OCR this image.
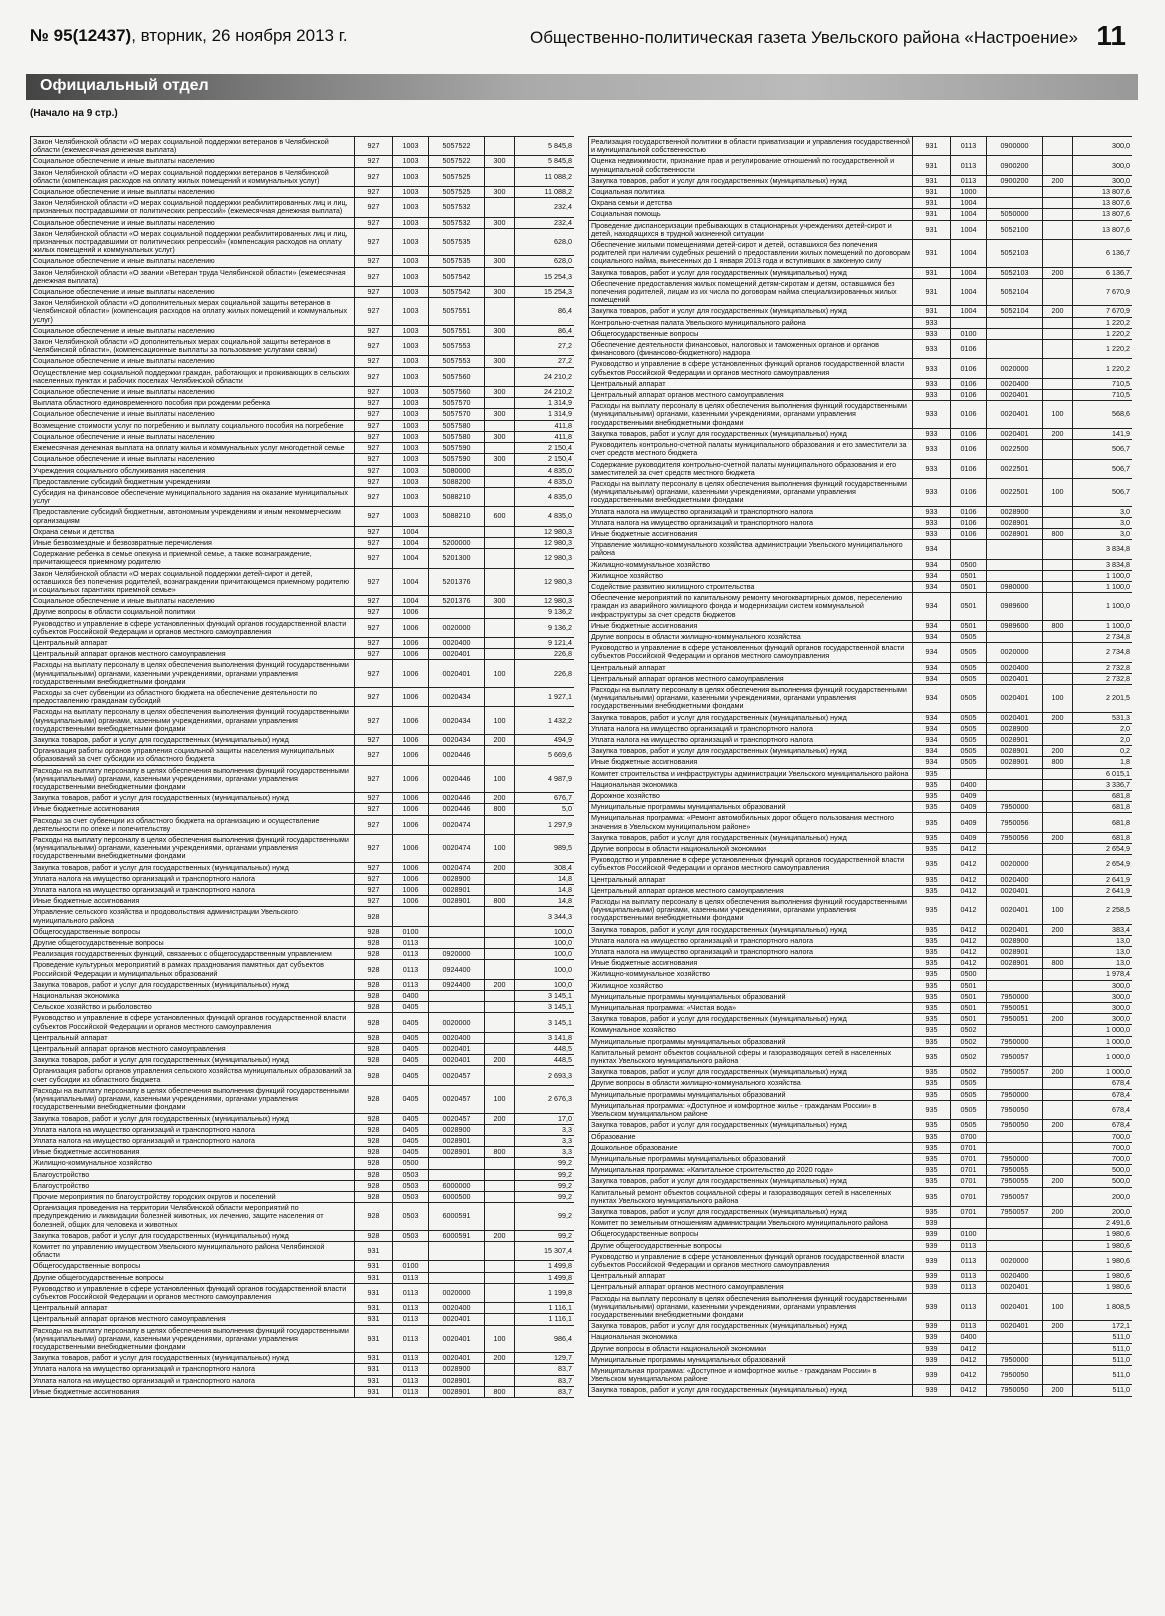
№ 95(12437), вторник, 26 ноября 2013 г.	Общественно-политическая газета Увельского района «Настроение» 11
Официальный отдел
(Начало на 9 стр.)
Закон Челябинской области «О мерах социальной поддержки ветеранов в Челябинской области (ежемесячная денежная выплата)	927	1003	5057522		5 845,8
Социальное обеспечение и иные выплаты населению	927	1003	5057522	300	5 845,8
Закон Челябинской области «О мерах социальной поддержки ветеранов в Челябинской области (компенсация расходов на оплату жилых помещений и коммунальных услуг)	927	1003	5057525		11 088,2
Социальное обеспечение и иные выплаты населению	927	1003	5057525	300	11 088,2
Закон Челябинской области «О мерах социальной поддержки реабилитированных лиц и лиц, признанных пострадавшими от политических репрессий» (ежемесячная денежная выплата)	927	1003	5057532		232,4
Социальное обеспечение и иные выплаты населению	927	1003	5057532	300	232,4
Закон Челябинской области «О мерах социальной поддержки реабилитированных лиц и лиц, признанных пострадавшими от политических репрессий» (компенсация расходов на оплату жилых помещений и коммунальных услуг)	927	1003	5057535		628,0
Социальное обеспечение и иные выплаты населению	927	1003	5057535	300	628,0
Закон Челябинской области «О звании «Ветеран труда Челябинской области» (ежемесячная денежная выплата)	927	1003	5057542		15 254,3
Социальное обеспечение и иные выплаты населению	927	1003	5057542	300	15 254,3
Закон Челябинской области «О дополнительных мерах социальной защиты ветеранов в Челябинской области» (компенсация расходов на оплату жилых помещений и коммунальных услуг)	927	1003	5057551		86,4
Социальное обеспечение и иные выплаты населению	927	1003	5057551	300	86,4
Закон Челябинской области «О дополнительных мерах социальной защиты ветеранов в Челябинской области», (компенсационные выплаты за пользование услугами связи)	927	1003	5057553		27,2
Социальное обеспечение и иные выплаты населению	927	1003	5057553	300	27,2
Осуществление мер социальной поддержки граждан, работающих и проживающих в сельских населенных пунктах и рабочих поселках Челябинской области	927	1003	5057560		24 210,2
Социальное обеспечение и иные выплаты населению	927	1003	5057560	300	24 210,2
Выплата областного единовременного пособия при рождении ребенка	927	1003	5057570		1 314,9
Социальное обеспечение и иные выплаты населению	927	1003	5057570	300	1 314,9
Возмещение стоимости услуг по погребению и выплату социального пособия на погребение	927	1003	5057580		411,8
Социальное обеспечение и иные выплаты населению	927	1003	5057580	300	411,8
Ежемесячная денежная выплата на оплату жилья и коммунальных услуг многодетной семье	927	1003	5057590		2 150,4
Социальное обеспечение и иные выплаты населению	927	1003	5057590	300	2 150,4
Учреждения социального обслуживания населения	927	1003	5080000		4 835,0
Предоставление субсидий бюджетным учреждениям	927	1003	5088200		4 835,0
Субсидия на финансовое обеспечение муниципального задания на оказание муниципальных услуг	927	1003	5088210		4 835,0
Предоставление субсидий бюджетным, автономным учреждениям и иным некоммерческим организациям	927	1003	5088210	600	4 835,0
Охрана семьи и детства	927	1004			12 980,3
Иные безвозмездные и безвозвратные перечисления	927	1004	5200000		12 980,3
Содержание ребенка в семье опекуна и приемной семье, а также вознаграждение, причитающееся приемному родителю	927	1004	5201300		12 980,3
Закон Челябинской области «О мерах социальной поддержки детей-сирот и детей, оставшихся без попечения родителей, вознаграждении причитающемся приемному родителю и социальных гарантиях приемной семье»	927	1004	5201376		12 980,3
Социальное обеспечение и иные выплаты населению	927	1004	5201376	300	12 980,3
Другие вопросы в области социальной политики	927	1006			9 136,2
Руководство и управление в сфере установленных функций органов государственной власти субъектов Российской Федерации и органов местного самоуправления	927	1006	0020000		9 136,2
Центральный аппарат	927	1006	0020400		9 121,4
Центральный аппарат органов местного самоуправления	927	1006	0020401		226,8
Расходы на выплату персоналу в целях обеспечения выполнения функций государственными (муниципальными) органами, казенными учреждениями, органами управления государственными внебюджетными фондами	927	1006	0020401	100	226,8
Расходы за счет субвенции из областного бюджета на обеспечение деятельности по предоставлению гражданам субсидий	927	1006	0020434		1 927,1
Расходы на выплату персоналу в целях обеспечения выполнения функций государственными (муниципальными) органами, казенными учреждениями, органами управления государственными внебюджетными фондами	927	1006	0020434	100	1 432,2
Закупка товаров, работ и услуг для государственных (муниципальных) нужд	927	1006	0020434	200	494,9
Организация работы органов управления социальной защиты населения муниципальных образований за счет субсидии из областного бюджета	927	1006	0020446		5 669,6
Расходы на выплату персоналу в целях обеспечения выполнения функций государственными (муниципальными) органами, казенными учреждениями, органами управления государственными внебюджетными фондами	927	1006	0020446	100	4 987,9
Закупка товаров, работ и услуг для государственных (муниципальных) нужд	927	1006	0020446	200	676,7
Иные бюджетные ассигнования	927	1006	0020446	800	5,0
Расходы за счет субвенции из областного бюджета на организацию и осуществление деятельности по опеке и попечительству	927	1006	0020474		1 297,9
Расходы на выплату персоналу в целях обеспечения выполнения функций государственными (муниципальными) органами, казенными учреждениями, органами управления государственными внебюджетными фондами	927	1006	0020474	100	989,5
Закупка товаров, работ и услуг для государственных (муниципальных) нужд	927	1006	0020474	200	308,4
Уплата налога на имущество организаций и транспортного налога	927	1006	0028900		14,8
Уплата налога на имущество организаций и транспортного налога	927	1006	0028901		14,8
Иные бюджетные ассигнования	927	1006	0028901	800	14,8
Управление сельского хозяйства и продовольствия администрации Увельского муниципального района	928				3 344,3
Общегосударственные вопросы	928	0100			100,0
Другие общегосударственные вопросы	928	0113			100,0
Реализация государственных функций, связанных с общегосударственным управлением	928	0113	0920000		100,0
Проведение культурных мероприятий в рамках празднования памятных дат субъектов Российской Федерации и муниципальных образований	928	0113	0924400		100,0
Закупка товаров, работ и услуг для государственных (муниципальных) нужд	928	0113	0924400	200	100,0
Национальная экономика	928	0400			3 145,1
Сельское хозяйство и рыболовство	928	0405			3 145,1
Руководство и управление в сфере установленных функций органов государственной власти субъектов Российской Федерации и органов местного самоуправления	928	0405	0020000		3 145,1
Центральный аппарат	928	0405	0020400		3 141,8
Центральный аппарат органов местного самоуправления	928	0405	0020401		448,5
Закупка товаров, работ и услуг для государственных (муниципальных) нужд	928	0405	0020401	200	448,5
Организация работы органов управления сельского хозяйства муниципальных образований за счет субсидии из областного бюджета	928	0405	0020457		2 693,3
Расходы на выплату персоналу в целях обеспечения выполнения функций государственными (муниципальными) органами, казенными учреждениями, органами управления государственными внебюджетными фондами	928	0405	0020457	100	2 676,3
Закупка товаров, работ и услуг для государственных (муниципальных) нужд	928	0405	0020457	200	17,0
Уплата налога на имущество организаций и транспортного налога	928	0405	0028900		3,3
Уплата налога на имущество организаций и транспортного налога	928	0405	0028901		3,3
Иные бюджетные ассигнования	928	0405	0028901	800	3,3
Жилищно-коммунальное хозяйство	928	0500			99,2
Благоустройство	928	0503			99,2
Благоустройство	928	0503	6000000		99,2
Прочие мероприятия по благоустройству городских округов и поселений	928	0503	6000500		99,2
Организация проведения на территории Челябинской области мероприятий по предупреждению и ликвидации болезней животных, их лечению, защите населения от болезней, общих для человека и животных	928	0503	6000591		99,2
Закупка товаров, работ и услуг для государственных (муниципальных) нужд	928	0503	6000591	200	99,2
Комитет по управлению имуществом Увельского муниципального района Челябинской области	931				15 307,4
Общегосударственные вопросы	931	0100			1 499,8
Другие общегосударственные вопросы	931	0113			1 499,8
Руководство и управление в сфере установленных функций органов государственной власти субъектов Российской Федерации и органов местного самоуправления	931	0113	0020000		1 199,8
Центральный аппарат	931	0113	0020400		1 116,1
Центральный аппарат органов местного самоуправления	931	0113	0020401		1 116,1
Расходы на выплату персоналу в целях обеспечения выполнения функций государственными (муниципальными) органами, казенными учреждениями, органами управления государственными внебюджетными фондами	931	0113	0020401	100	986,4
Закупка товаров, работ и услуг для государственных (муниципальных) нужд	931	0113	0020401	200	129,7
Уплата налога на имущество организаций и транспортного налога	931	0113	0028900		83,7
Уплата налога на имущество организаций и транспортного налога	931	0113	0028901		83,7
Иные бюджетные ассигнования	931	0113	0028901	800	83,7
Реализация государственной политики в области приватизации и управления государственной и муниципальной собственностью	931	0113	0900000		300,0
Оценка недвижимости, признание прав и регулирование отношений по государственной и муниципальной собственности	931	0113	0900200		300,0
Закупка товаров, работ и услуг для государственных (муниципальных) нужд	931	0113	0900200	200	300,0
Социальная политика	931	1000			13 807,6
Охрана семьи и детства	931	1004			13 807,6
Социальная помощь	931	1004	5050000		13 807,6
Проведение диспансеризации пребывающих в стационарных учреждениях детей-сирот и детей, находящихся в трудной жизненной ситуации	931	1004	5052100		13 807,6
Обеспечение жилыми помещениями детей-сирот и детей, оставшихся без попечения родителей при наличии судебных решений о предоставлении жилых помещений по договорам социального найма, вынесенных до 1 января 2013 года и вступивших в законную силу	931	1004	5052103		6 136,7
Закупка товаров, работ и услуг для государственных (муниципальных) нужд	931	1004	5052103	200	6 136,7
Обеспечение предоставления жилых помещений детям-сиротам и детям, оставшимся без попечения родителей, лицам из их числа по договорам найма специализированных жилых помещений	931	1004	5052104		7 670,9
Закупка товаров, работ и услуг для государственных (муниципальных) нужд	931	1004	5052104	200	7 670,9
Контрольно-счетная палата Увельского муниципального района	933				1 220,2
Общегосударственные вопросы	933	0100			1 220,2
Обеспечение деятельности финансовых, налоговых и таможенных органов и органов финансового (финансово-бюджетного) надзора	933	0106			1 220,2
Руководство и управление в сфере установленных функций органов государственной власти субъектов Российской Федерации и органов местного самоуправления	933	0106	0020000		1 220,2
Центральный аппарат	933	0106	0020400		710,5
Центральный аппарат органов местного самоуправления	933	0106	0020401		710,5
Расходы на выплату персоналу в целях обеспечения выполнения функций государственными (муниципальными) органами, казенными учреждениями, органами управления государственными внебюджетными фондами	933	0106	0020401	100	568,6
Закупка товаров, работ и услуг для государственных (муниципальных) нужд	933	0106	0020401	200	141,9
Руководитель контрольно-счетной палаты муниципального образования и его заместители за счет средств местного бюджета	933	0106	0022500		506,7
Содержание руководителя контрольно-счетной палаты муниципального образования и его заместителей за счет средств местного бюджета	933	0106	0022501		506,7
Расходы на выплату персоналу в целях обеспечения выполнения функций государственными (муниципальными) органами, казенными учреждениями, органами управления государственными внебюджетными фондами	933	0106	0022501	100	506,7
Уплата налога на имущество организаций и транспортного налога	933	0106	0028900		3,0
Уплата налога на имущество организаций и транспортного налога	933	0106	0028901		3,0
Иные бюджетные ассигнования	933	0106	0028901	800	3,0
Управление жилищно-коммунального хозяйства администрации Увельского муниципального района	934				3 834,8
Жилищно-коммунальное хозяйство	934	0500			3 834,8
Жилищное хозяйство	934	0501			1 100,0
Содействие развитию жилищного строительства	934	0501	0980000		1 100,0
Обеспечение мероприятий по капитальному ремонту многоквартирных домов, переселению граждан из аварийного жилищного фонда и модернизации систем коммунальной инфраструктуры за счет средств бюджетов	934	0501	0989600		1 100,0
Иные бюджетные ассигнования	934	0501	0989600	800	1 100,0
Другие вопросы в области жилищно-коммунального хозяйства	934	0505			2 734,8
Руководство и управление в сфере установленных функций органов государственной власти субъектов Российской Федерации и органов местного самоуправления	934	0505	0020000		2 734,8
Центральный аппарат	934	0505	0020400		2 732,8
Центральный аппарат органов местного самоуправления	934	0505	0020401		2 732,8
Расходы на выплату персоналу в целях обеспечения выполнения функций государственными (муниципальными) органами, казенными учреждениями, органами управления государственными внебюджетными фондами	934	0505	0020401	100	2 201,5
Закупка товаров, работ и услуг для государственных (муниципальных) нужд	934	0505	0020401	200	531,3
Уплата налога на имущество организаций и транспортного налога	934	0505	0028900		2,0
Уплата налога на имущество организаций и транспортного налога	934	0505	0028901		2,0
Закупка товаров, работ и услуг для государственных (муниципальных) нужд	934	0505	0028901	200	0,2
Иные бюджетные ассигнования	934	0505	0028901	800	1,8
Комитет строительства и инфраструктуры администрации Увельского муниципального района	935				6 015,1
Национальная экономика	935	0400			3 336,7
Дорожное хозяйство	935	0409			681,8
Муниципальные программы муниципальных образований	935	0409	7950000		681,8
Муниципальная программа: «Ремонт автомобильных дорог общего пользования местного значения в Увельском муниципальном районе»	935	0409	7950056		681,8
Закупка товаров, работ и услуг для государственных (муниципальных) нужд	935	0409	7950056	200	681,8
Другие вопросы в области национальной экономики	935	0412			2 654,9
Руководство и управление в сфере установленных функций органов государственной власти субъектов Российской Федерации и органов местного самоуправления	935	0412	0020000		2 654,9
Центральный аппарат	935	0412	0020400		2 641,9
Центральный аппарат органов местного самоуправления	935	0412	0020401		2 641,9
Расходы на выплату персоналу в целях обеспечения выполнения функций государственными (муниципальными) органами, казенными учреждениями, органами управления государственными внебюджетными фондами	935	0412	0020401	100	2 258,5
Закупка товаров, работ и услуг для государственных (муниципальных) нужд	935	0412	0020401	200	383,4
Уплата налога на имущество организаций и транспортного налога	935	0412	0028900		13,0
Уплата налога на имущество организаций и транспортного налога	935	0412	0028901		13,0
Иные бюджетные ассигнования	935	0412	0028901	800	13,0
Жилищно-коммунальное хозяйство	935	0500			1 978,4
Жилищное хозяйство	935	0501			300,0
Муниципальные программы муниципальных образований	935	0501	7950000		300,0
Муниципальная программа: «Чистая вода»	935	0501	7950051		300,0
Закупка товаров, работ и услуг для государственных (муниципальных) нужд	935	0501	7950051	200	300,0
Коммунальное хозяйство	935	0502			1 000,0
Муниципальные программы муниципальных образований	935	0502	7950000		1 000,0
Капитальный ремонт объектов социальной сферы и газоразводящих сетей в населенных пунктах Увельского муниципального района	935	0502	7950057		1 000,0
Закупка товаров, работ и услуг для государственных (муниципальных) нужд	935	0502	7950057	200	1 000,0
Другие вопросы в области жилищно-коммунального хозяйства	935	0505			678,4
Муниципальные программы муниципальных образований	935	0505	7950000		678,4
Муниципальная программа: «Доступное и комфортное жилье - гражданам России» в Увельском муниципальном районе	935	0505	7950050		678,4
Закупка товаров, работ и услуг для государственных (муниципальных) нужд	935	0505	7950050	200	678,4
Образование	935	0700			700,0
Дошкольное образование	935	0701			700,0
Муниципальные программы муниципальных образований	935	0701	7950000		700,0
Муниципальная программа: «Капитальное строительство до 2020 года»	935	0701	7950055		500,0
Закупка товаров, работ и услуг для государственных (муниципальных) нужд	935	0701	7950055	200	500,0
Капитальный ремонт объектов социальной сферы и газоразводящих сетей в населенных пунктах Увельского муниципального района	935	0701	7950057		200,0
Закупка товаров, работ и услуг для государственных (муниципальных) нужд	935	0701	7950057	200	200,0
Комитет по земельным отношениям администрации Увельского муниципального района	939				2 491,6
Общегосударственные вопросы	939	0100			1 980,6
Другие общегосударственные вопросы	939	0113			1 980,6
Руководство и управление в сфере установленных функций органов государственной власти субъектов Российской Федерации и органов местного самоуправления	939	0113	0020000		1 980,6
Центральный аппарат	939	0113	0020400		1 980,6
Центральный аппарат органов местного самоуправления	939	0113	0020401		1 980,6
Расходы на выплату персоналу в целях обеспечения выполнения функций государственными (муниципальными) органами, казенными учреждениями, органами управления государственными внебюджетными фондами	939	0113	0020401	100	1 808,5
Закупка товаров, работ и услуг для государственных (муниципальных) нужд	939	0113	0020401	200	172,1
Национальная экономика	939	0400			511,0
Другие вопросы в области национальной экономики	939	0412			511,0
Муниципальные программы муниципальных образований	939	0412	7950000		511,0
Муниципальная программа: «Доступное и комфортное жилье - гражданам России» в Увельском муниципальном районе	939	0412	7950050		511,0
Закупка товаров, работ и услуг для государственных (муниципальных) нужд	939	0412	7950050	200	511,0
